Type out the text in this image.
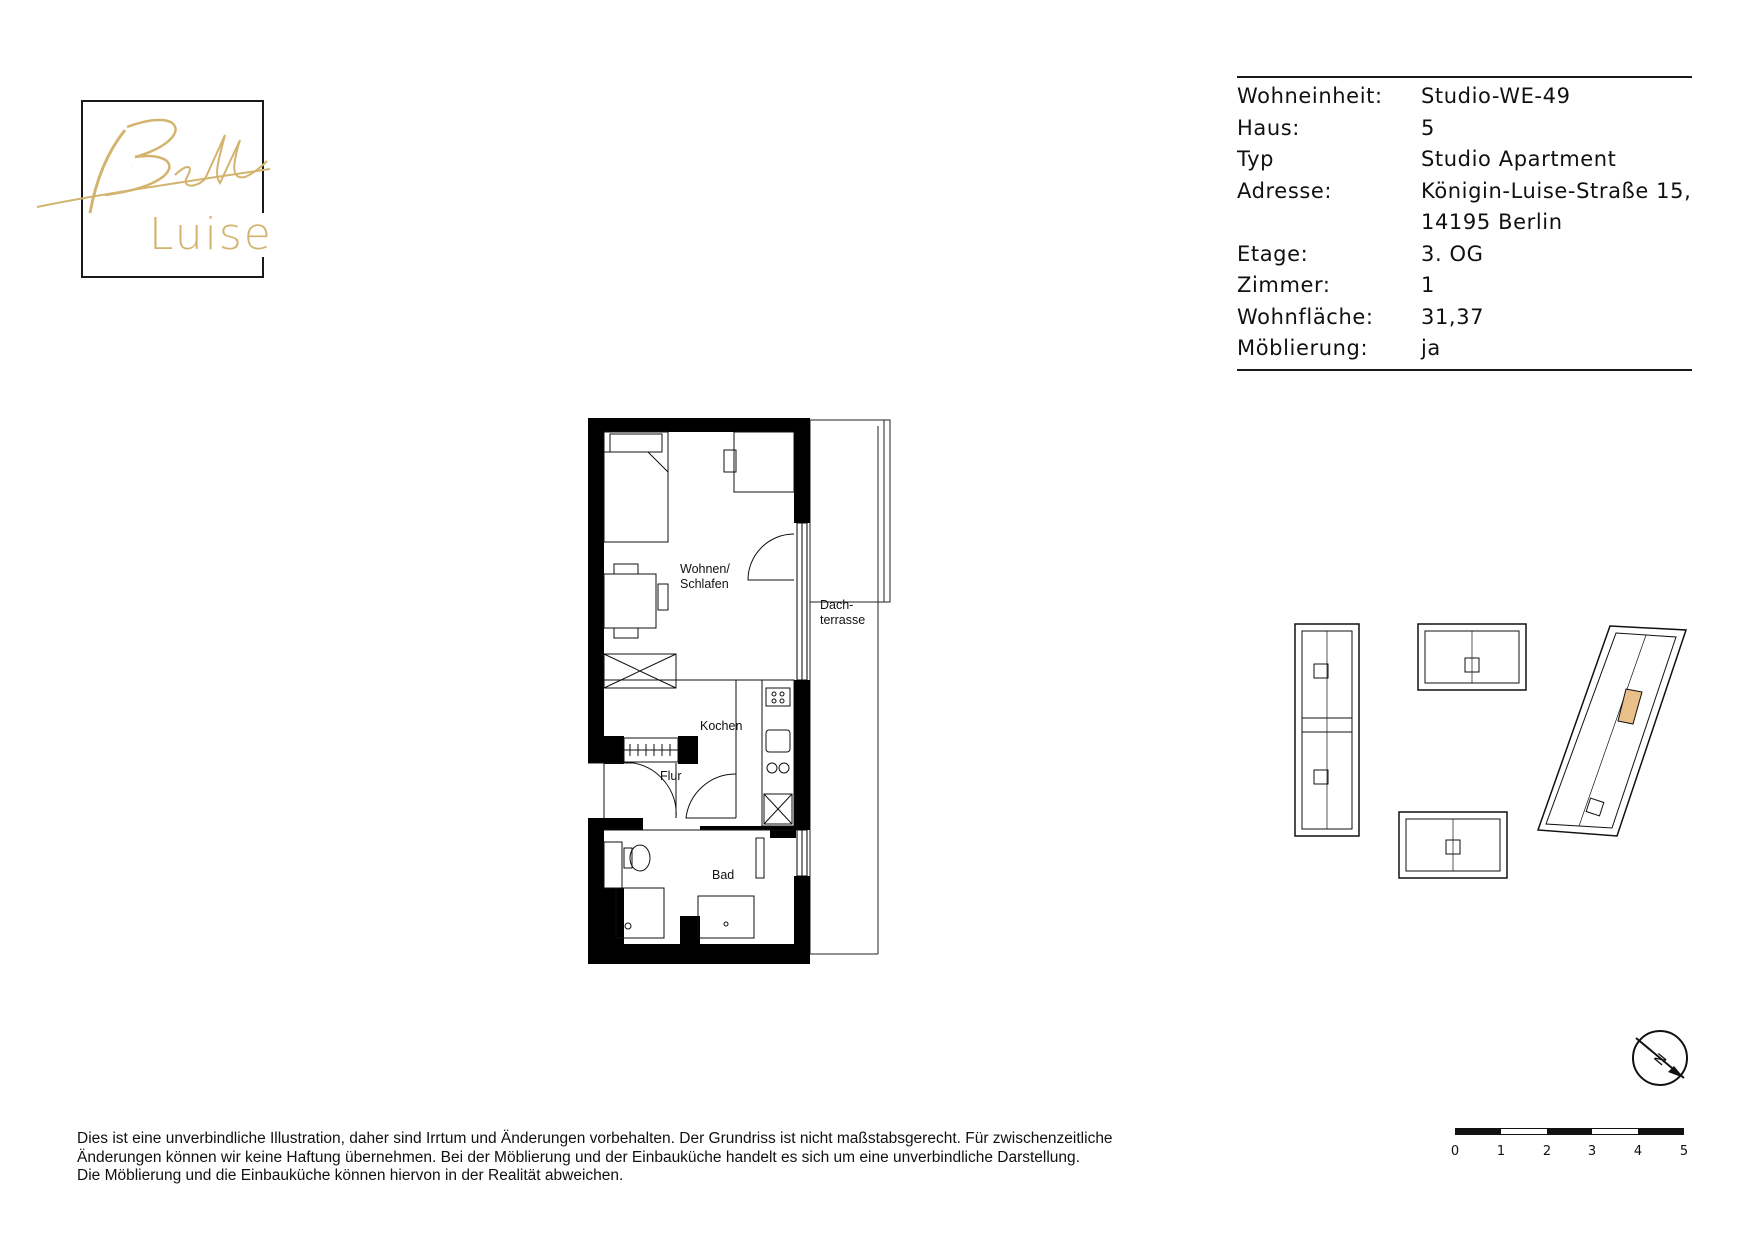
Belle
Luise
Wohneinheit:	Studio-WE-49
Haus:	5
Typ	Studio Apartment
Adresse:	Königin-Luise-Straße 15,
14195 Berlin
Etage:	3. OG
Zimmer:	1
Wohnfläche:	31,37
Möblierung:	ja
Wohnen/
Schlafen
Kochen
Flur
Bad
Dach-
terrasse
N

Dies ist eine unverbindliche Illustration, daher sind Irrtum und Änderungen vorbehalten. Der Grundriss ist nicht maßstabsgerecht. Für zwischenzeitliche

Änderungen können wir keine Haftung übernehmen. Bei der Möblierung und der Einbauküche handelt es sich um eine unverbindliche Darstellung.

Die Möblierung und die Einbauküche können hiervon in der Realität abweichen.

0	1	2	3	4	5
